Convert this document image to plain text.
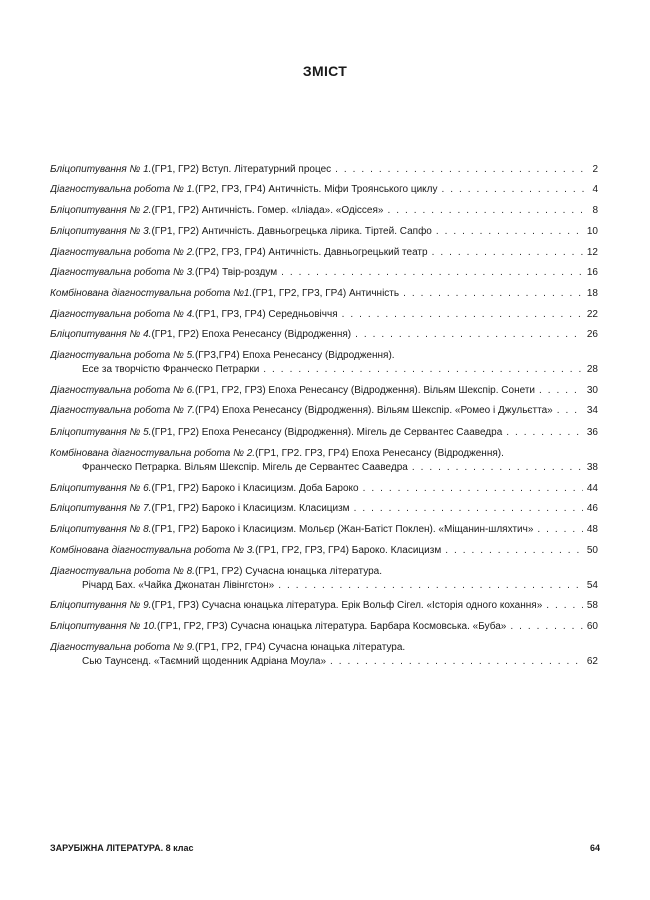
ЗМІСТ
Бліцопитування № 1. (ГР1, ГР2) Вступ. Літературний процес . . .	2
Діагностувальна робота № 1. (ГР2, ГР3, ГР4) Античність. Міфи Троянського циклу . . .	4
Бліцопитування № 2. (ГР1, ГР2) Античність. Гомер. «Іліада». «Одіссея» . . .	8
Бліцопитування № 3. (ГР1, ГР2) Античність. Давньогрецька лірика. Тіртей. Сапфо . . .	10
Діагностувальна робота № 2. (ГР2, ГР3, ГР4) Античність. Давньогрецький театр . . .	12
Діагностувальна робота № 3. (ГР4) Твір-роздум . . .	16
Комбінована діагностувальна робота №1. (ГР1, ГР2, ГР3, ГР4) Античність . . .	18
Діагностувальна робота № 4. (ГР1, ГР3, ГР4) Середньовіччя . . .	22
Бліцопитування № 4. (ГР1, ГР2) Епоха Ренесансу (Відродження) . . .	26
Діагностувальна робота № 5. (ГР3,ГР4) Епоха Ренесансу (Відродження).
Есе за творчістю Франческо Петрарки . . .	28
Діагностувальна робота № 6. (ГР1, ГР2, ГР3) Епоха Ренесансу (Відродження). Вільям Шекспір. Сонети . . .	30
Діагностувальна робота № 7. (ГР4) Епоха Ренесансу (Відродження). Вільям Шекспір. «Ромео і Джульєтта» . . .	34
Бліцопитування № 5. (ГР1, ГР2) Епоха Ренесансу (Відродження). Мігель де Сервантес Сааведра . . .	36
Комбінована діагностувальна робота № 2. (ГР1, ГР2. ГР3, ГР4) Епоха Ренесансу (Відродження).
Франческо Петрарка. Вільям Шекспір. Мігель де Сервантес Сааведра . . .	38
Бліцопитування № 6. (ГР1, ГР2) Бароко і Класицизм. Доба Бароко . . .	44
Бліцопитування № 7. (ГР1, ГР2) Бароко і Класицизм. Класицизм . . .	46
Бліцопитування № 8. (ГР1, ГР2) Бароко і Класицизм. Мольєр (Жан-Батіст Поклен). «Міщанин-шляхтич» . . .	48
Комбінована діагностувальна робота № 3. (ГР1, ГР2, ГР3, ГР4) Бароко. Класицизм . . .	50
Діагностувальна робота № 8. (ГР1, ГР2) Сучасна юнацька література.
Річард Бах. «Чайка Джонатан Лівінгстон» . . .	54
Бліцопитування № 9. (ГР1, ГР3) Сучасна юнацька література. Ерік Вольф Сігел. «Історія одного кохання» . . .	58
Бліцопитування № 10. (ГР1, ГР2, ГР3) Сучасна юнацька література. Барбара Космовська. «Буба» . . .	60
Діагностувальна робота № 9. (ГР1, ГР2, ГР4) Сучасна юнацька література.
Сью Таунсенд. «Таємний щоденник Адріана Моула» . . .	62
ЗАРУБІЖНА ЛІТЕРАТУРА. 8 клас	64
